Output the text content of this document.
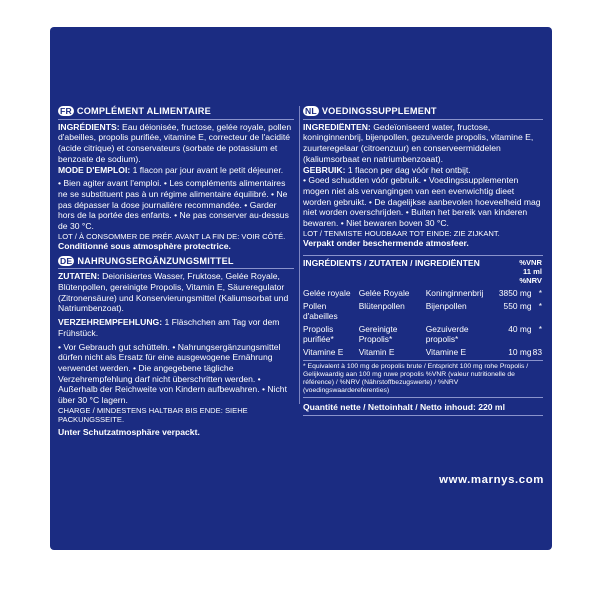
FR COMPLÉMENT ALIMENTAIRE

INGRÉDIENTS: Eau déionisée, fructose, gelée royale, pollen d'abeilles, propolis purifiée, vitamine E, correcteur de l'acidité (acide citrique) et conservateurs (sorbate de potassium et benzoate de sodium).

MODE D'EMPLOI: 1 flacon par jour avant le petit déjeuner.

• Bien agiter avant l'emploi. • Les compléments alimentaires ne se substituent pas à un régime alimentaire équilibré. • Ne pas dépasser la dose journalière recommandée. • Garder hors de la portée des enfants. • Ne pas conserver au-dessus de 30 °C.

LOT / À CONSOMMER DE PRÉF. AVANT LA FIN DE: VOIR CÔTÉ.

Conditionné sous atmosphère protectrice.

DE NAHRUNGSERGÄNZUNGSMITTEL

ZUTATEN: Deionisiertes Wasser, Fruktose, Gelée Royale, Blütenpollen, gereinigte Propolis, Vitamin E, Säureregulator (Zitronensäure) und Konservierungsmittel (Kaliumsorbat und Natriumbenzoat).

VERZEHREMPFEHLUNG: 1 Fläschchen am Tag vor dem Frühstück.

• Vor Gebrauch gut schütteln. • Nahrungsergänzungsmittel dürfen nicht als Ersatz für eine ausgewogene Ernährung verwendet werden. • Die angegebene tägliche Verzehrempfehlung darf nicht überschritten werden. • Außerhalb der Reichweite von Kindern aufbewahren. • Nicht über 30 °C lagern.

CHARGE / MINDESTENS HALTBAR BIS ENDE: SIEHE PACKUNGSSEITE.

Unter Schutzatmosphäre verpackt.

NL VOEDINGSSUPPLEMENT

INGREDIËNTEN: Gedeïoniseerd water, fructose, koninginnenbrij, bijenpollen, gezuiverde propolis, vitamine E, zuurteregelaar (citroenzuur) en conserveermiddelen (kaliumsorbaat en natriumbenzoaat).

GEBRUIK: 1 flacon per dag vóór het ontbijt.

• Goed schudden vóór gebruik. • Voedingssupplementen mogen niet als vervangingen van een evenwichtig dieet worden gebruikt. • De dagelijkse aanbevolen hoeveelheid mag niet worden overschrijden. • Buiten het bereik van kinderen bewaren. • Niet bewaren boven 30 °C.

LOT / TENMISTE HOUDBAAR TOT EINDE: ZIE ZIJKANT.

Verpakt onder beschermende atmosfeer.

INGRÉDIENTS / ZUTATEN / INGREDIËNTEN			%VNR
11 ml %NRV	

Gelée royale	Gelée Royale	Koninginnenbrij	3850 mg	*
Pollen d'abeilles	Blütenpollen	Bijenpollen	550 mg	*
Propolis purifiée*	Gereinigte Propolis*	Gezuiverde propolis*	40 mg	*
Vitamine E	Vitamin E	Vitamine E	10 mg	83

* Equivalent à 100 mg de propolis brute / Entspricht 100 mg rohe Propolis / Gelijkwaardig aan 100 mg ruwe propolis %VNR (valeur nutritionelle de référence) / %NRV (Nährstoffbezugswerte) / %NRV (voedingswaardereferenties)

Quantité nette / Nettoinhalt / Netto inhoud: 220 ml

www.marnys.com
